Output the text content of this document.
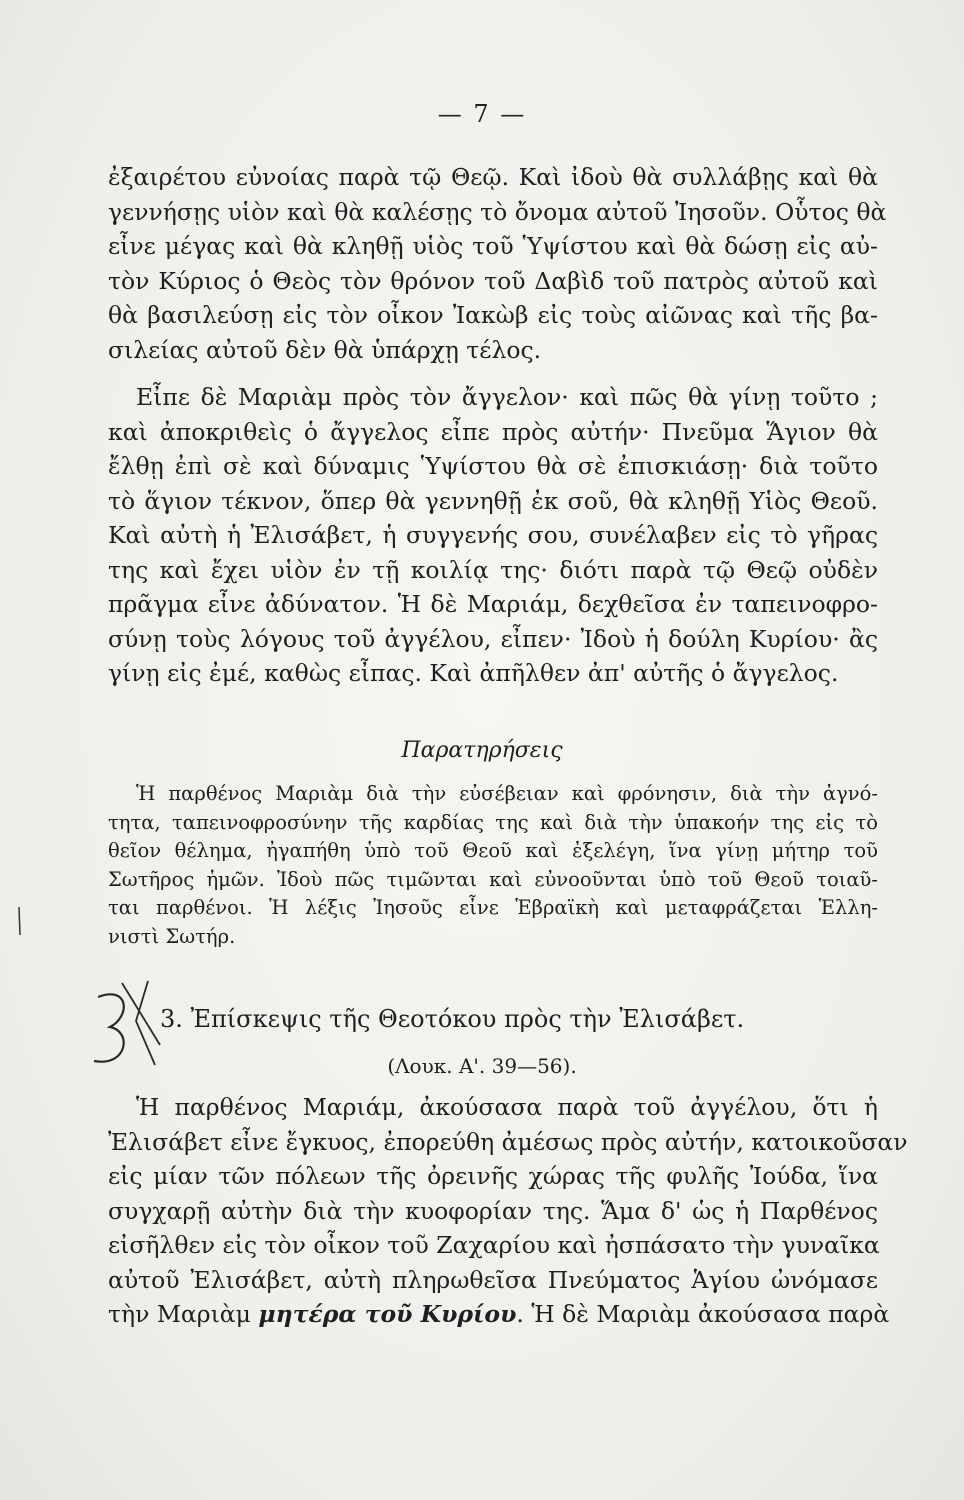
— 7 —
ἐξαιρέτου εὐνοίας παρὰ τῷ Θεῷ. Καὶ ἰδοὺ θὰ συλλάβῃς καὶ θὰ
γεννήσῃς υἱὸν καὶ θὰ καλέσῃς τὸ ὄνομα αὐτοῦ Ἰησοῦν. Οὗτος θὰ
εἶνε μέγας καὶ θὰ κληθῇ υἱὸς τοῦ Ὑψίστου καὶ θὰ δώσῃ εἰς αὐ-
τὸν Κύριος ὁ Θεὸς τὸν θρόνον τοῦ Δαβὶδ τοῦ πατρὸς αὐτοῦ καὶ
θὰ βασιλεύσῃ εἰς τὸν οἶκον Ἰακὼβ εἰς τοὺς αἰῶνας καὶ τῆς βα-
σιλείας αὐτοῦ δὲν θὰ ὑπάρχῃ τέλος.
Εἶπε δὲ Μαριὰμ πρὸς τὸν ἄγγελον· καὶ πῶς θὰ γίνῃ τοῦτο ;
καὶ ἀποκριθεὶς ὁ ἄγγελος εἶπε πρὸς αὐτήν· Πνεῦμα Ἅγιον θὰ
ἔλθῃ ἐπὶ σὲ καὶ δύναμις Ὑψίστου θὰ σὲ ἐπισκιάσῃ· διὰ τοῦτο
τὸ ἅγιον τέκνον, ὅπερ θὰ γεννηθῇ ἐκ σοῦ, θὰ κληθῇ Υἱὸς Θεοῦ.
Καὶ αὐτὴ ἡ Ἐλισάβετ, ἡ συγγενής σου, συνέλαβεν εἰς τὸ γῆρας
της καὶ ἔχει υἱὸν ἐν τῇ κοιλίᾳ της· διότι παρὰ τῷ Θεῷ οὐδὲν
πρᾶγμα εἶνε ἀδύνατον. Ἡ δὲ Μαριάμ, δεχθεῖσα ἐν ταπεινοφρο-
σύνῃ τοὺς λόγους τοῦ ἀγγέλου, εἶπεν· Ἰδοὺ ἡ δούλη Κυρίου· ἂς
γίνῃ εἰς ἐμέ, καθὼς εἶπας. Καὶ ἀπῆλθεν ἀπ' αὐτῆς ὁ ἄγγελος.
Παρατηρήσεις
Ἡ παρθένος Μαριὰμ διὰ τὴν εὐσέβειαν καὶ φρόνησιν, διὰ τὴν ἀγνό-
τητα, ταπεινοφροσύνην τῆς καρδίας της καὶ διὰ τὴν ὑπακοήν της εἰς τὸ
θεῖον θέλημα, ἠγαπήθη ὑπὸ τοῦ Θεοῦ καὶ ἐξελέγη, ἵνα γίνῃ μήτηρ τοῦ
Σωτῆρος ἡμῶν. Ἰδοὺ πῶς τιμῶνται καὶ εὐνοοῦνται ὑπὸ τοῦ Θεοῦ τοιαῦ-
ται παρθένοι. Ἡ λέξις Ἰησοῦς εἶνε Ἑβραϊκὴ καὶ μεταφράζεται Ἑλλη-
νιστὶ Σωτήρ.
3. Ἐπίσκεψις τῆς Θεοτόκου πρὸς τὴν Ἐλισάβετ.
(Λουκ. Α'. 39—56).
Ἡ παρθένος Μαριάμ, ἀκούσασα παρὰ τοῦ ἀγγέλου, ὅτι ἡ
Ἐλισάβετ εἶνε ἔγκυος, ἐπορεύθη ἀμέσως πρὸς αὐτήν, κατοικοῦσαν
εἰς μίαν τῶν πόλεων τῆς ὀρεινῆς χώρας τῆς φυλῆς Ἰούδα, ἵνα
συγχαρῇ αὐτὴν διὰ τὴν κυοφορίαν της. Ἅμα δ' ὡς ἡ Παρθένος
εἰσῆλθεν εἰς τὸν οἶκον τοῦ Ζαχαρίου καὶ ἠσπάσατο τὴν γυναῖκα
αὐτοῦ Ἐλισάβετ, αὐτὴ πληρωθεῖσα Πνεύματος Ἁγίου ὠνόμασε
τὴν Μαριὰμ μητέρα τοῦ Κυρίου. Ἡ δὲ Μαριὰμ ἀκούσασα παρὰ
